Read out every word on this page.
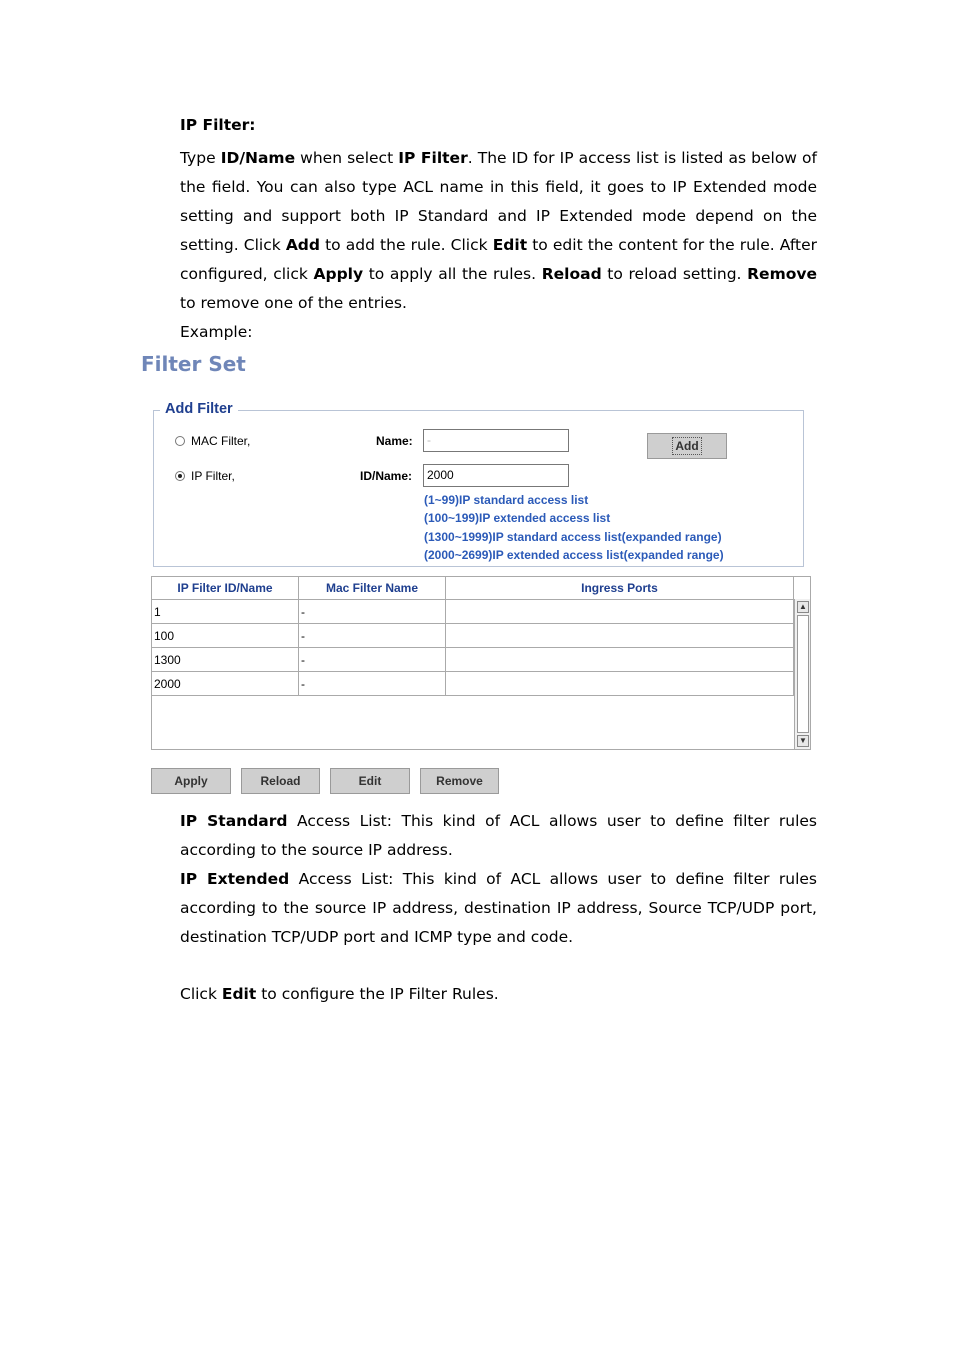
IP Filter:

Type ID/Name when select IP Filter. The ID for IP access list is listed as below of the field. You can also type ACL name in this field, it goes to IP Extended mode setting and support both IP Standard and IP Extended mode depend on the setting. Click Add to add the rule. Click Edit to edit the content for the rule. After configured, click Apply to apply all the rules. Reload to reload setting. Remove to remove one of the entries.

Example:

Filter Set
Add Filter
MAC Filter,
IP Filter,
Name:	-
ID/Name:	2000
Add
(1~99)IP standard access list
(100~199)IP extended access list
(1300~1999)IP standard access list(expanded range)
(2000~2699)IP extended access list(expanded range)
IP Filter ID/Name	Mac Filter Name	Ingress Ports
1	-	
100	-	
1300	-	
2000	-	
▲
▼
Apply	Reload	Edit	Remove

IP Standard Access List: This kind of ACL allows user to define filter rules according to the source IP address.

IP Extended Access List: This kind of ACL allows user to define filter rules according to the source IP address, destination IP address, Source TCP/UDP port, destination TCP/UDP port and ICMP type and code.

Click Edit to configure the IP Filter Rules.
